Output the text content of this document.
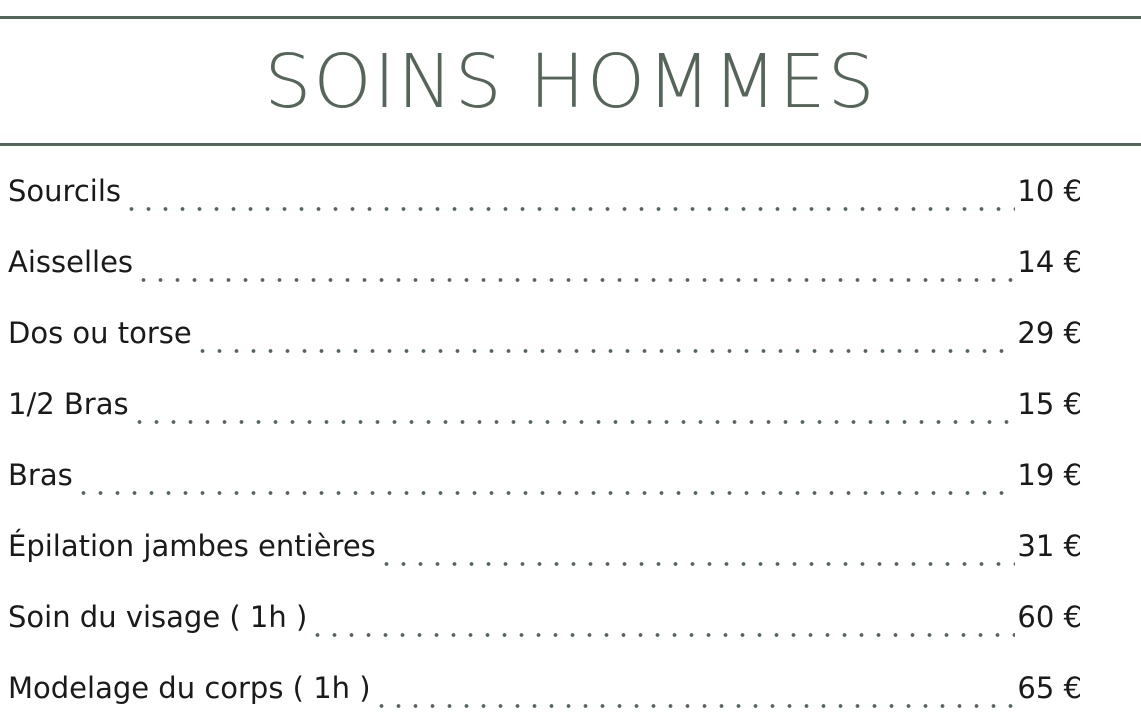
SOINS HOMMES
Sourcils	10 €
Aisselles	14 €
Dos ou torse	29 €
1/2 Bras	15 €
Bras	19 €
Épilation jambes entières	31 €
Soin du visage ( 1h )	60 €
Modelage du corps ( 1h )	65 €
